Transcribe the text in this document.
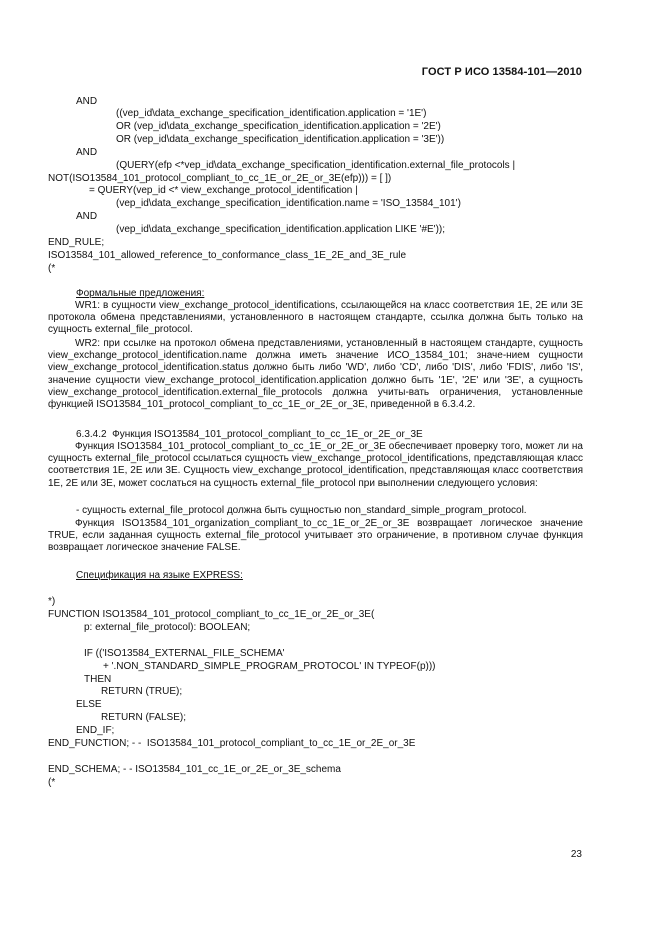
ГОСТ Р ИСО 13584-101—2010
AND
((vep_id\data_exchange_specification_identification.application = '1E')
OR (vep_id\data_exchange_specification_identification.application = '2E')
OR (vep_id\data_exchange_specification_identification.application = '3E'))
AND
(QUERY(efp <*vep_id\data_exchange_specification_identification.external_file_protocols |
NOT(ISO13584_101_protocol_compliant_to_cc_1E_or_2E_or_3E(efp))) = [ ])
= QUERY(vep_id <* view_exchange_protocol_identification |
(vep_id\data_exchange_specification_identification.name = 'ISO_13584_101')
AND
(vep_id\data_exchange_specification_identification.application LIKE '#E'));
END_RULE;
ISO13584_101_allowed_reference_to_conformance_class_1E_2E_and_3E_rule
(*
Формальные предложения:

WR1: в сущности view_exchange_protocol_identifications, ссылающейся на класс соответствия 1E, 2E или 3E протокола обмена представлениями, установленного в настоящем стандарте, ссылка должна быть только на сущность external_file_protocol.

WR2: при ссылке на протокол обмена представлениями, установленный в настоящем стандарте, сущность view_exchange_protocol_identification.name должна иметь значение ИСО_13584_101; значе-нием сущности view_exchange_protocol_identification.status должно быть либо 'WD', либо 'CD', либо 'DIS', либо 'FDIS', либо 'IS', значение сущности view_exchange_protocol_identification.application должно быть '1E', '2E' или '3E', а сущность view_exchange_protocol_identification.external_file_protocols должна учиты-вать ограничения, установленные функцией ISO13584_101_protocol_compliant_to_cc_1E_or_2E_or_3E, приведенной в 6.3.4.2.

6.3.4.2  Функция ISO13584_101_protocol_compliant_to_cc_1E_or_2E_or_3E

Функция ISO13584_101_protocol_compliant_to_cc_1E_or_2E_or_3E обеспечивает проверку того, может ли на сущность external_file_protocol ссылаться сущность view_exchange_protocol_identifications, представляющая класс соответствия 1E, 2E или 3E. Сущность view_exchange_protocol_identification, представляющая класс соответствия 1E, 2E или 3E, может сослаться на сущность external_file_protocol при выполнении следующего условия:

- сущность external_file_protocol должна быть сущностью non_standard_simple_program_protocol.

Функция ISO13584_101_organization_compliant_to_cc_1E_or_2E_or_3E возвращает логическое значение TRUE, если заданная сущность external_file_protocol учитывает это ограничение, в противном случае функция возвращает логическое значение FALSE.

Спецификация на языке EXPRESS:
*)
FUNCTION ISO13584_101_protocol_compliant_to_cc_1E_or_2E_or_3E(
p: external_file_protocol): BOOLEAN;
IF (('ISO13584_EXTERNAL_FILE_SCHEMA'
+ '.NON_STANDARD_SIMPLE_PROGRAM_PROTOCOL' IN TYPEOF(p)))
THEN
RETURN (TRUE);
ELSE
RETURN (FALSE);
END_IF;
END_FUNCTION; - -  ISO13584_101_protocol_compliant_to_cc_1E_or_2E_or_3E
END_SCHEMA; - - ISO13584_101_cc_1E_or_2E_or_3E_schema
(*
23
